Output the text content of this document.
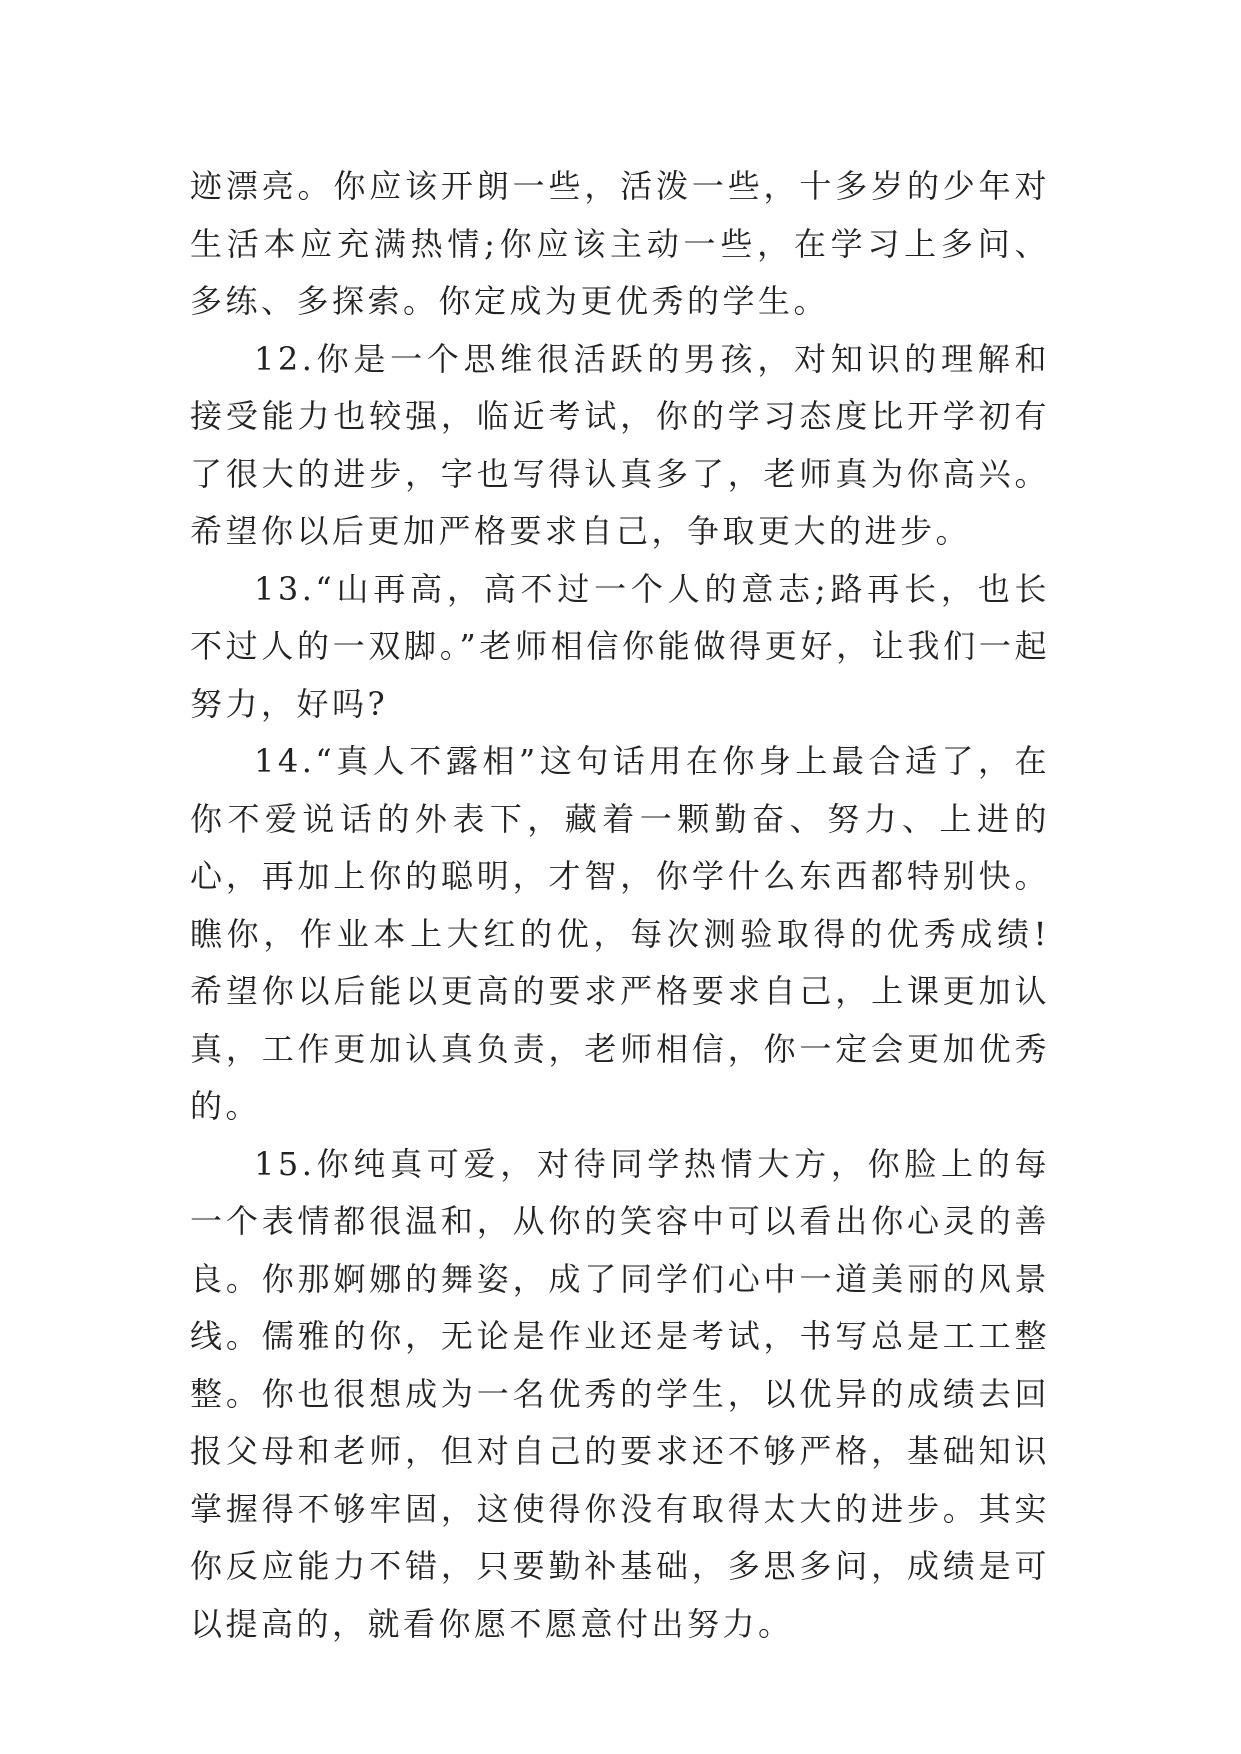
迹漂亮。你应该开朗一些，活泼一些，十多岁的少年对生活本应充满热情;你应该主动一些，在学习上多问、多练、多探索。你定成为更优秀的学生。

12.你是一个思维很活跃的男孩，对知识的理解和接受能力也较强，临近考试，你的学习态度比开学初有了很大的进步，字也写得认真多了，老师真为你高兴。希望你以后更加严格要求自己，争取更大的进步。

13.“山再高，高不过一个人的意志;路再长，也长不过人的一双脚。”老师相信你能做得更好，让我们一起努力，好吗?

14.“真人不露相”这句话用在你身上最合适了，在你不爱说话的外表下，藏着一颗勤奋、努力、上进的心，再加上你的聪明，才智，你学什么东西都特别快。瞧你，作业本上大红的优，每次测验取得的优秀成绩!希望你以后能以更高的要求严格要求自己，上课更加认真，工作更加认真负责，老师相信，你一定会更加优秀的。

15.你纯真可爱，对待同学热情大方，你脸上的每一个表情都很温和，从你的笑容中可以看出你心灵的善良。你那婀娜的舞姿，成了同学们心中一道美丽的风景线。儒雅的你，无论是作业还是考试，书写总是工工整整。你也很想成为一名优秀的学生，以优异的成绩去回报父母和老师，但对自己的要求还不够严格，基础知识掌握得不够牢固，这使得你没有取得太大的进步。其实你反应能力不错，只要勤补基础，多思多问，成绩是可以提高的，就看你愿不愿意付出努力。
